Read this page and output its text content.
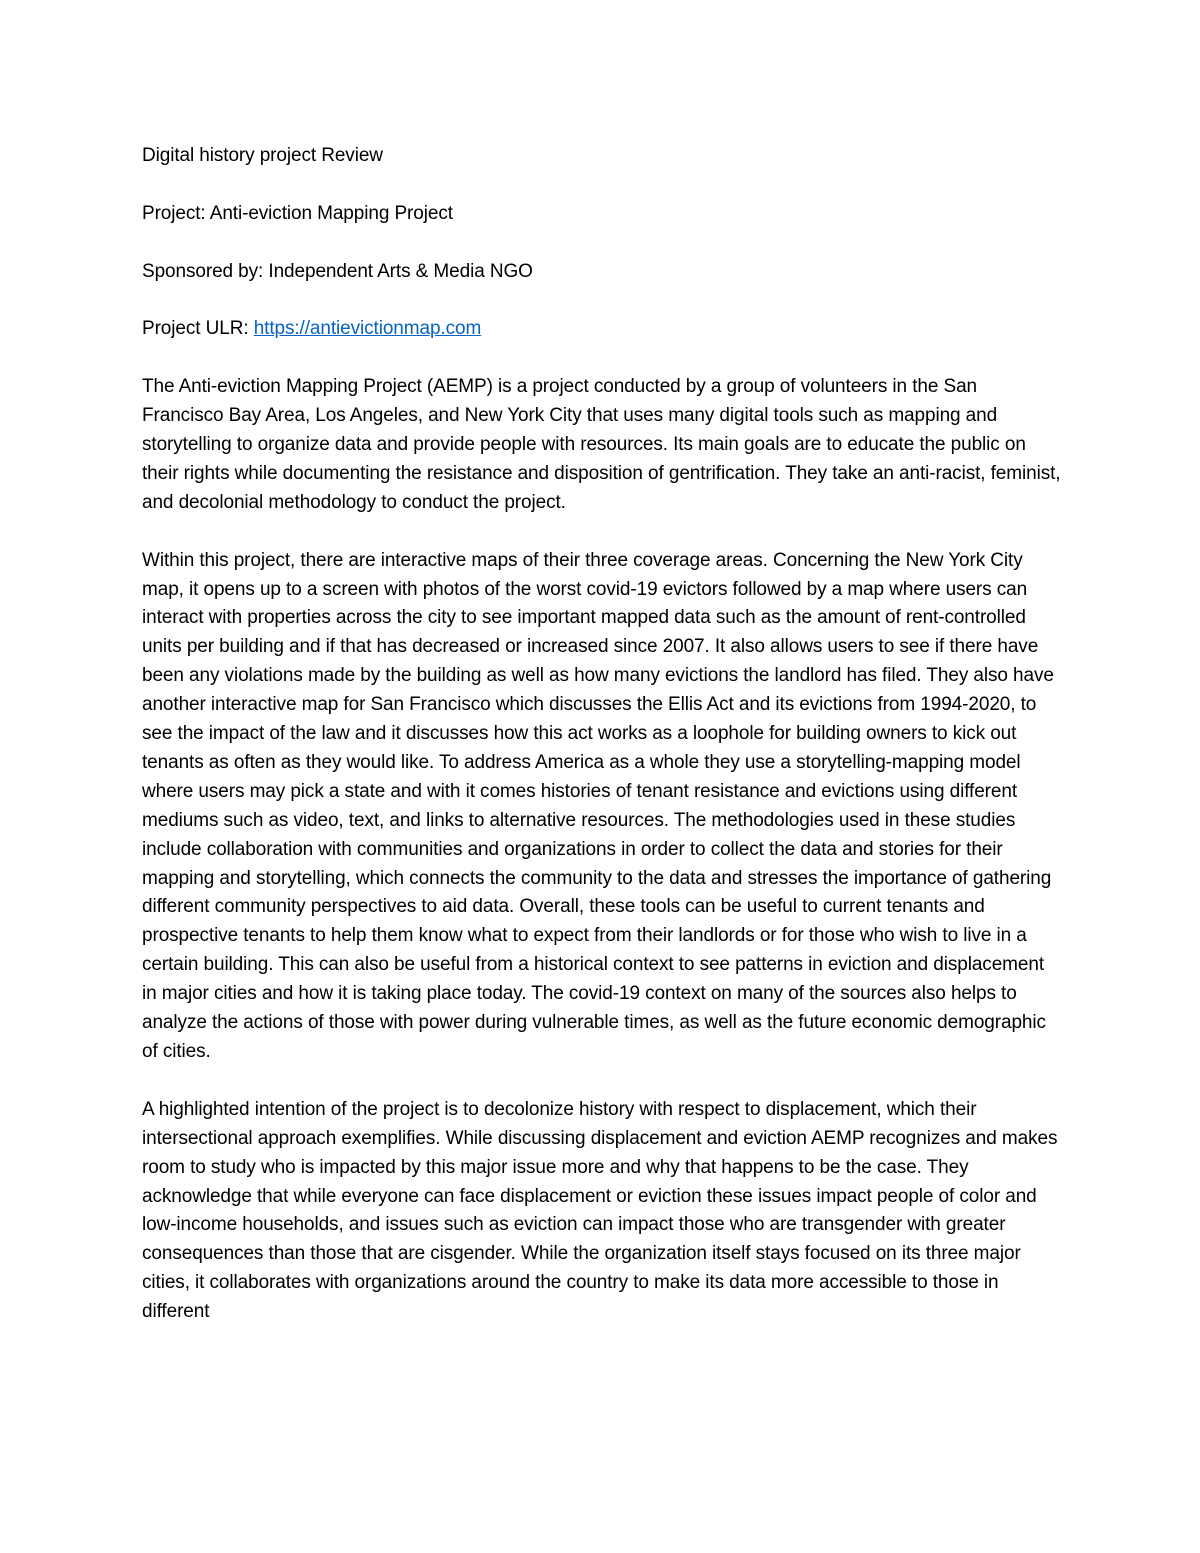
Digital history project Review
Project: Anti-eviction Mapping Project
Sponsored by: Independent Arts & Media NGO
Project ULR: https://antievictionmap.com

The Anti-eviction Mapping Project (AEMP) is a project conducted by a group of volunteers in the San Francisco Bay Area, Los Angeles, and New York City that uses many digital tools such as mapping and storytelling to organize data and provide people with resources. Its main goals are to educate the public on their rights while documenting the resistance and disposition of gentrification. They take an anti-racist, feminist, and decolonial methodology to conduct the project.

Within this project, there are interactive maps of their three coverage areas. Concerning the New York City map, it opens up to a screen with photos of the worst covid-19 evictors followed by a map where users can interact with properties across the city to see important mapped data such as the amount of rent-controlled units per building and if that has decreased or increased since 2007. It also allows users to see if there have been any violations made by the building as well as how many evictions the landlord has filed. They also have another interactive map for San Francisco which discusses the Ellis Act and its evictions from 1994-2020, to see the impact of the law and it discusses how this act works as a loophole for building owners to kick out tenants as often as they would like. To address America as a whole they use a storytelling-mapping model where users may pick a state and with it comes histories of tenant resistance and evictions using different mediums such as video, text, and links to alternative resources. The methodologies used in these studies include collaboration with communities and organizations in order to collect the data and stories for their mapping and storytelling, which connects the community to the data and stresses the importance of gathering different community perspectives to aid data. Overall, these tools can be useful to current tenants and prospective tenants to help them know what to expect from their landlords or for those who wish to live in a certain building. This can also be useful from a historical context to see patterns in eviction and displacement in major cities and how it is taking place today. The covid-19 context on many of the sources also helps to analyze the actions of those with power during vulnerable times, as well as the future economic demographic of cities.

A highlighted intention of the project is to decolonize history with respect to displacement, which their intersectional approach exemplifies. While discussing displacement and eviction AEMP recognizes and makes room to study who is impacted by this major issue more and why that happens to be the case. They acknowledge that while everyone can face displacement or eviction these issues impact people of color and low-income households, and issues such as eviction can impact those who are transgender with greater consequences than those that are cisgender. While the organization itself stays focused on its three major cities, it collaborates with organizations around the country to make its data more accessible to those in different
